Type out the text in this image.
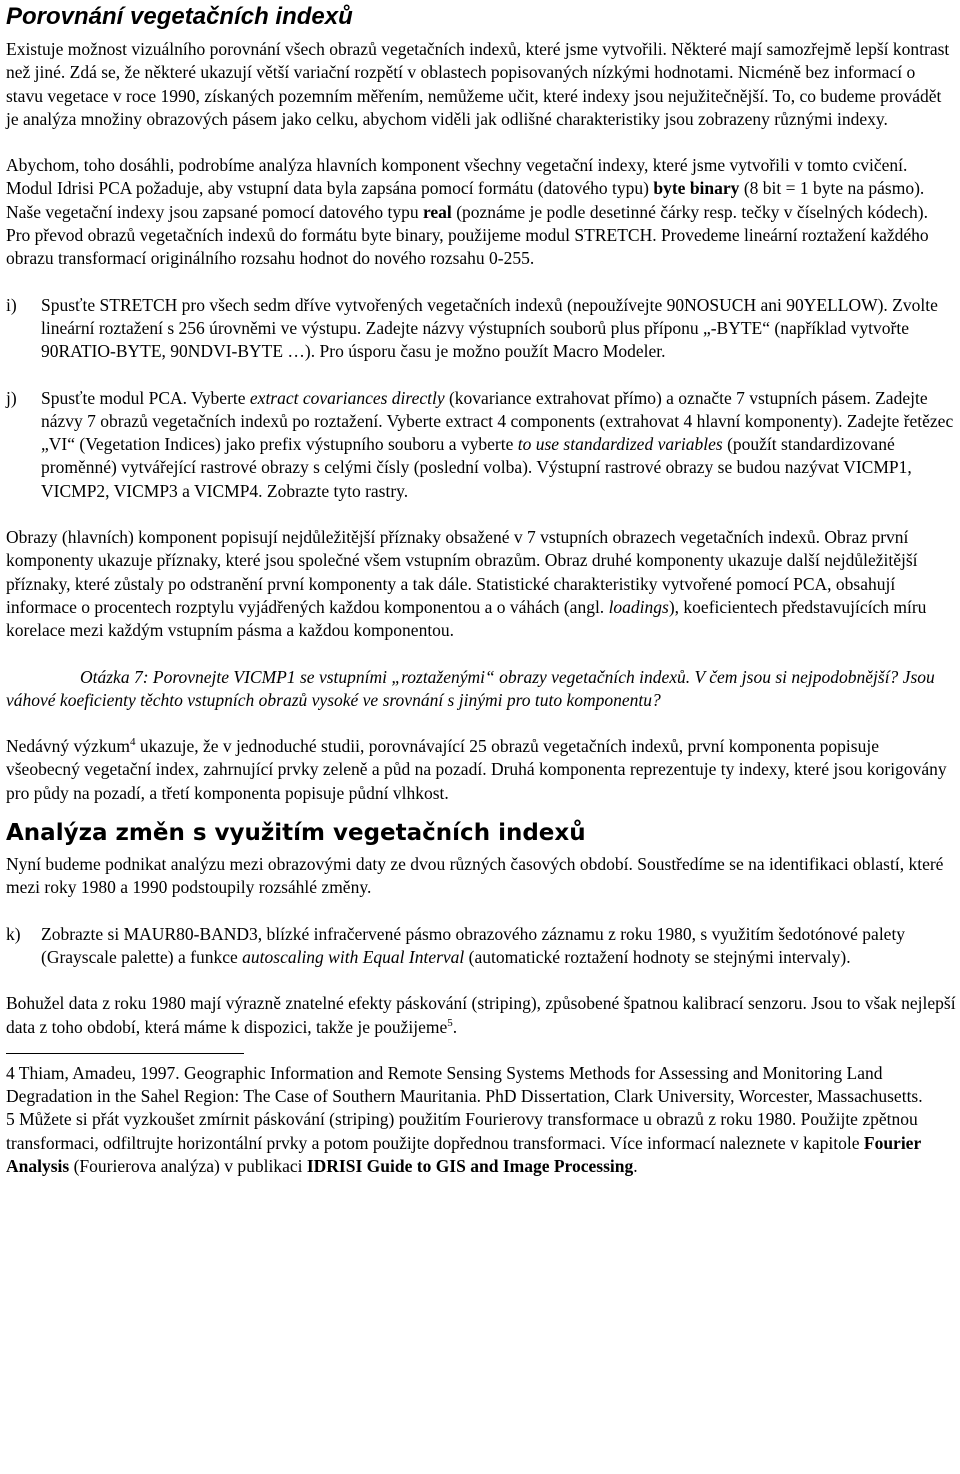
Porovnání vegetačních indexů

Existuje možnost vizuálního porovnání všech obrazů vegetačních indexů, které jsme vytvořili. Některé mají samozřejmě lepší kontrast než jiné. Zdá se, že některé ukazují větší variační rozpětí v oblastech popisovaných nízkými hodnotami. Nicméně bez informací o stavu vegetace v roce 1990, získaných pozemním měřením, nemůžeme učit, které indexy jsou nejužitečnější. To, co budeme provádět je analýza množiny obrazových pásem jako celku, abychom viděli jak odlišné charakteristiky jsou zobrazeny různými indexy.

Abychom, toho dosáhli, podrobíme analýza hlavních komponent všechny vegetační indexy, které jsme vytvořili v tomto cvičení. Modul Idrisi PCA požaduje, aby vstupní data byla zapsána pomocí formátu (datového typu) byte binary (8 bit = 1 byte na pásmo). Naše vegetační indexy jsou zapsané pomocí datového typu real (poznáme je podle desetinné čárky resp. tečky v číselných kódech). Pro převod obrazů vegetačních indexů do formátu byte binary, použijeme modul STRETCH. Provedeme lineární roztažení každého obrazu transformací originálního rozsahu hodnot do nového rozsahu 0-255.

i)	Spusťte STRETCH pro všech sedm dříve vytvořených vegetačních indexů (nepoužívejte 90NOSUCH ani 90YELLOW). Zvolte lineární roztažení s 256 úrovněmi ve výstupu. Zadejte názvy výstupních souborů plus příponu „-BYTE“ (například vytvořte 90RATIO-BYTE, 90NDVI-BYTE …). Pro úsporu času je možno použít Macro Modeler.
j)	Spusťte modul PCA. Vyberte extract covariances directly (kovariance extrahovat přímo) a označte 7 vstupních pásem. Zadejte názvy 7 obrazů vegetačních indexů po roztažení. Vyberte extract 4 components (extrahovat 4 hlavní komponenty). Zadejte řetězec „VI“ (Vegetation Indices) jako prefix výstupního souboru a vyberte to use standardized variables (použít standardizované proměnné) vytvářející rastrové obrazy s celými čísly (poslední volba). Výstupní rastrové obrazy se budou nazývat VICMP1, VICMP2, VICMP3 a VICMP4. Zobrazte tyto rastry.

Obrazy (hlavních) komponent popisují nejdůležitější příznaky obsažené v 7 vstupních obrazech vegetačních indexů. Obraz první komponenty ukazuje příznaky, které jsou společné všem vstupním obrazům. Obraz druhé komponenty ukazuje další nejdůležitější příznaky, které zůstaly po odstranění první komponenty a tak dále. Statistické charakteristiky vytvořené pomocí PCA, obsahují informace o procentech rozptylu vyjádřených každou komponentou a o váhách (angl. loadings), koeficientech představujících míru korelace mezi každým vstupním pásma a každou komponentou.

Otázka 7: Porovnejte VICMP1 se vstupními „roztaženými“ obrazy vegetačních indexů. V čem jsou si nejpodobnější? Jsou váhové koeficienty těchto vstupních obrazů vysoké ve srovnání s jinými pro tuto komponentu?

Nedávný výzkum$^4$ ukazuje, že v jednoduché studii, porovnávající 25 obrazů vegetačních indexů, první komponenta popisuje všeobecný vegetační index, zahrnující prvky zeleně a půd na pozadí. Druhá komponenta reprezentuje ty indexy, které jsou korigovány pro půdy na pozadí, a třetí komponenta popisuje půdní vlhkost.

Analýza změn s využitím vegetačních indexů

Nyní budeme podnikat analýzu mezi obrazovými daty ze dvou různých časových období. Soustředíme se na identifikaci oblastí, které mezi roky 1980 a 1990 podstoupily rozsáhlé změny.

k)	Zobrazte si MAUR80-BAND3, blízké infračervené pásmo obrazového záznamu z roku 1980, s využitím šedotónové palety (Grayscale palette) a funkce autoscaling with Equal Interval (automatické roztažení hodnoty se stejnými intervaly).

Bohužel data z roku 1980 mají výrazně znatelné efekty páskování (striping), způsobené špatnou kalibrací senzoru. Jsou to však nejlepší data z toho období, která máme k dispozici, takže je použijeme$^5$.

4 Thiam, Amadeu, 1997. Geographic Information and Remote Sensing Systems Methods for Assessing and Monitoring Land Degradation in the Sahel Region: The Case of Southern Mauritania. PhD Dissertation, Clark University, Worcester, Massachusetts.

5 Můžete si přát vyzkoušet zmírnit páskování (striping) použitím Fourierovy transformace u obrazů z roku 1980. Použijte zpětnou transformaci, odfiltrujte horizontální prvky a potom použijte dopřednou transformaci. Více informací naleznete v kapitole Fourier Analysis (Fourierova analýza) v publikaci IDRISI Guide to GIS and Image Processing.
